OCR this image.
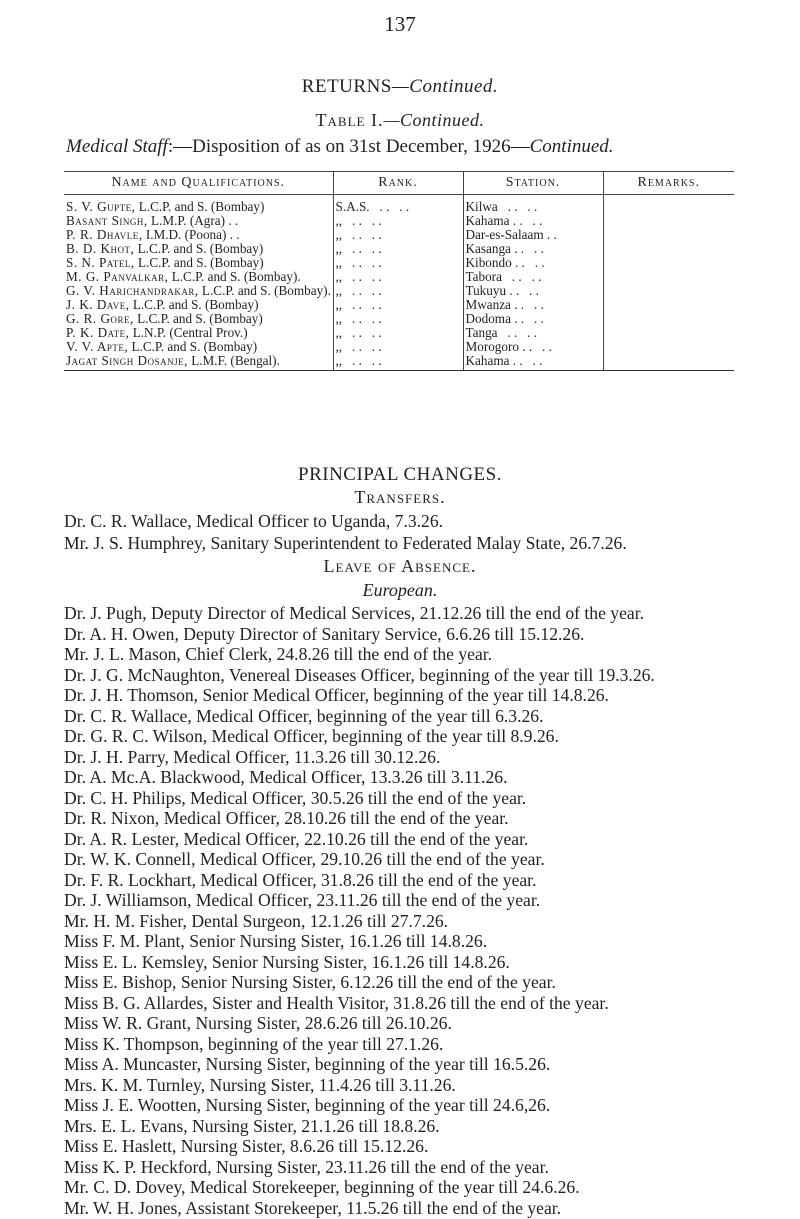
137
RETURNS—Continued.
Table I.—Continued.
Medical Staff:—Disposition of as on 31st December, 1926—Continued.
Name and Qualifications.	Rank.	Station.	Remarks.
S. V. Gupte, L.C.P. and S. (Bombay)	S.A.S.   . .   . .	Kilwa   . .   . .	
Basant Singh, L.M.P. (Agra) . .	,,   . .   . .	Kahama . .   . .	
P. R. Dhavle, I.M.D. (Poona) . .	,,   . .   . .	Dar-es-Salaam . .	
B. D. Khot, L.C.P. and S. (Bombay)	,,   . .   . .	Kasanga . .   . .	
S. N. Patel, L.C.P. and S. (Bombay)	,,   . .   . .	Kibondo . .   . .	
M. G. Panvalkar, L.C.P. and S. (Bombay).	,,   . .   . .	Tabora   . .   . .	
G. V. Harichandrakar, L.C.P. and S. (Bombay).	,,   . .   . .	Tukuyu . .   . .	
J. K. Dave, L.C.P. and S. (Bombay)	,,   . .   . .	Mwanza . .   . .	
G. R. Gore, L.C.P. and S. (Bombay)	,,   . .   . .	Dodoma . .   . .	
P. K. Date, L.N.P. (Central Prov.)	,,   . .   . .	Tanga   . .   . .	
V. V. Apte, L.C.P. and S. (Bombay)	,,   . .   . .	Morogoro . .   . .	
Jagat Singh Dosanje, L.M.F. (Bengal).	,,   . .   . .	Kahama . .   . .	
PRINCIPAL CHANGES.
Transfers.
Dr. C. R. Wallace, Medical Officer to Uganda, 7.3.26.
Mr. J. S. Humphrey, Sanitary Superintendent to Federated Malay State, 26.7.26.
Leave of Absence.
European.
Dr. J. Pugh, Deputy Director of Medical Services, 21.12.26 till the end of the year.
Dr. A. H. Owen, Deputy Director of Sanitary Service, 6.6.26 till 15.12.26.
Mr. J. L. Mason, Chief Clerk, 24.8.26 till the end of the year.
Dr. J. G. McNaughton, Venereal Diseases Officer, beginning of the year till 19.3.26.
Dr. J. H. Thomson, Senior Medical Officer, beginning of the year till 14.8.26.
Dr. C. R. Wallace, Medical Officer, beginning of the year till 6.3.26.
Dr. G. R. C. Wilson, Medical Officer, beginning of the year till 8.9.26.
Dr. J. H. Parry, Medical Officer, 11.3.26 till 30.12.26.
Dr. A. Mc.A. Blackwood, Medical Officer, 13.3.26 till 3.11.26.
Dr. C. H. Philips, Medical Officer, 30.5.26 till the end of the year.
Dr. R. Nixon, Medical Officer, 28.10.26 till the end of the year.
Dr. A. R. Lester, Medical Officer, 22.10.26 till the end of the year.
Dr. W. K. Connell, Medical Officer, 29.10.26 till the end of the year.
Dr. F. R. Lockhart, Medical Officer, 31.8.26 till the end of the year.
Dr. J. Williamson, Medical Officer, 23.11.26 till the end of the year.
Mr. H. M. Fisher, Dental Surgeon, 12.1.26 till 27.7.26.
Miss F. M. Plant, Senior Nursing Sister, 16.1.26 till 14.8.26.
Miss E. L. Kemsley, Senior Nursing Sister, 16.1.26 till 14.8.26.
Miss E. Bishop, Senior Nursing Sister, 6.12.26 till the end of the year.
Miss B. G. Allardes, Sister and Health Visitor, 31.8.26 till the end of the year.
Miss W. R. Grant, Nursing Sister, 28.6.26 till 26.10.26.
Miss K. Thompson, beginning of the year till 27.1.26.
Miss A. Muncaster, Nursing Sister, beginning of the year till 16.5.26.
Mrs. K. M. Turnley, Nursing Sister, 11.4.26 till 3.11.26.
Miss J. E. Wootten, Nursing Sister, beginning of the year till 24.6,26.
Mrs. E. L. Evans, Nursing Sister, 21.1.26 till 18.8.26.
Miss E. Haslett, Nursing Sister, 8.6.26 till 15.12.26.
Miss K. P. Heckford, Nursing Sister, 23.11.26 till the end of the year.
Mr. C. D. Dovey, Medical Storekeeper, beginning of the year till 24.6.26.
Mr. W. H. Jones, Assistant Storekeeper, 11.5.26 till the end of the year.
